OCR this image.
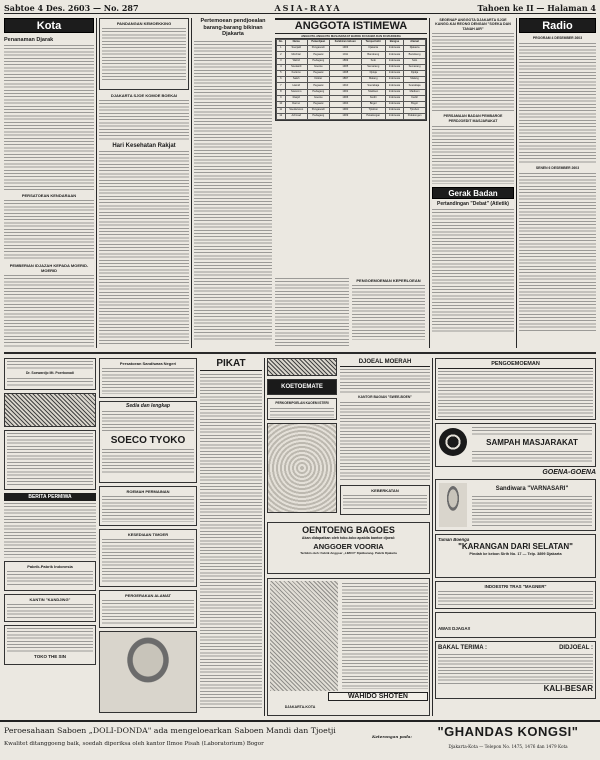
Sabtoe 4 Des. 2603 — No. 287	ASIA-RAYA	Tahoen ke II — Halaman 4
Kota
Penanaman Djarak
PERSATOEAN KENDARAAN
PEMBERIAN IDJAZAH KEPADA MOERID-MOERID
PANDANGAN KEMOEKKING
DJAKARTA SJOE KOMOE BOEKAI
Hari Kesehatan Rakjat
Pertemoean pendjoealan barang-barang bikinan Djakarta
ANGGOTA ISTIMEWA
ANGGOTA-ANGGOTA MASJARAKAT BAROE DI DJAWA DAN DI MADOERA
No.	Nama	Pekerdjaan	Kelahiran tahoen	Tempat lahir	Bangsa	Alamat
1	Soerjadi	Pengasoeh	1903	Djakarta	Indonesia	Djakarta
2	Mochtar	Pegawai	1911	Bandoeng	Indonesia	Bandoeng
3	Wahid	Pedagang	1899	Solo	Indonesia	Solo
4	Soekardi	Goeroe	1905	Semarang	Indonesia	Semarang
5	Kartono	Pegawai	1908	Djokja	Indonesia	Djokja
6	Saleh	Dokter	1897	Malang	Indonesia	Malang
7	Hamid	Pegawai	1910	Soerabaja	Indonesia	Soerabaja
8	Soetomo	Pedagang	1902	Madioen	Indonesia	Madioen
9	Rasjid	Goeroe	1906	Kediri	Indonesia	Kediri
10	Darmo	Pegawai	1904	Bogor	Indonesia	Bogor
11	Soedarsono	Pengasoeh	1900	Tjirebon	Indonesia	Tjirebon
12	Achmad	Pedagang	1909	Pekalongan	Indonesia	Pekalongan
PENGOEMOEMAN KEPERLOEAN
SEGENAP ANGGOTA DJAKARTA SJOE KANGO-KAI REONG DENGAN "SOEKA DAN TANAH AIR"
PERSAMAAN BADAN PEMBAROE PERDJOEDIT MASJARAKAT
Gerak Badan
Pertandingan "Debat" (Atletik)
Radio
PROGRAM 4 DESEMBER 2603
SENEN 6 DESEMBER 2603
Dr. Soewardjo Mt. Poerbonadi
BERITA PERMIWA
Pabrik-Pabrik Indonesia
KANTIN "KANDJING"
TOKO THE SIN
Persatoean Sandiwara Negeri
Sedia dan lengkap
SOECO TYOKO
ROEMAH PERMAINAN
KESEDIAAN TIMOER
PERGERAKAN ALAMAT
PIKAT
KOETOEMATE
PERKOEMPOELAN KAOEM ISTERI
DJOEAL MOERAH
KANTOR BAGIAN "SWEE-BOEN"
KEBERKATAN
OENTOENG BAGOES
Akan didapatkan oleh toko-toko apabila bantoe djoeal:
ANGGOER VOORIA
Terbikin oleh: Fabrik Anggoer „LIMCO" Djatibarang. Pabrik Djakarta
WAHIDO SHOTEN
DJAKARTA-KOTA
PENGOEMOEMAN
SAMPAH MASJARAKAT
GOENA-GOENA
Sandiwara "VARNASARI"
Taman Boenga
"KARANGAN DARI SELATAN"
Pindah ke kebon Sirih No. 17 — Telp. 3899 Djakarta
INDOESTRI TRAS "MAGNER"
AWAS DJAGA!!
BAKAL TERIMA :	DIDJOEAL :
KALI-BESAR
Peroesahaan Saboen „DOLI-DONDA" ada mengeloearkan Saboen Mandi dan Tjoetji
Kwalitet ditanggoeng baik, soedah diperiksa oleh kantor Ilmoe Pisah (Laboratorium) Bogor
Keterangan pada:	"GHANDAS KONGSI"
Djakarta-Kota — Telepon No. 1475, 1476 dan 1479 Kota
